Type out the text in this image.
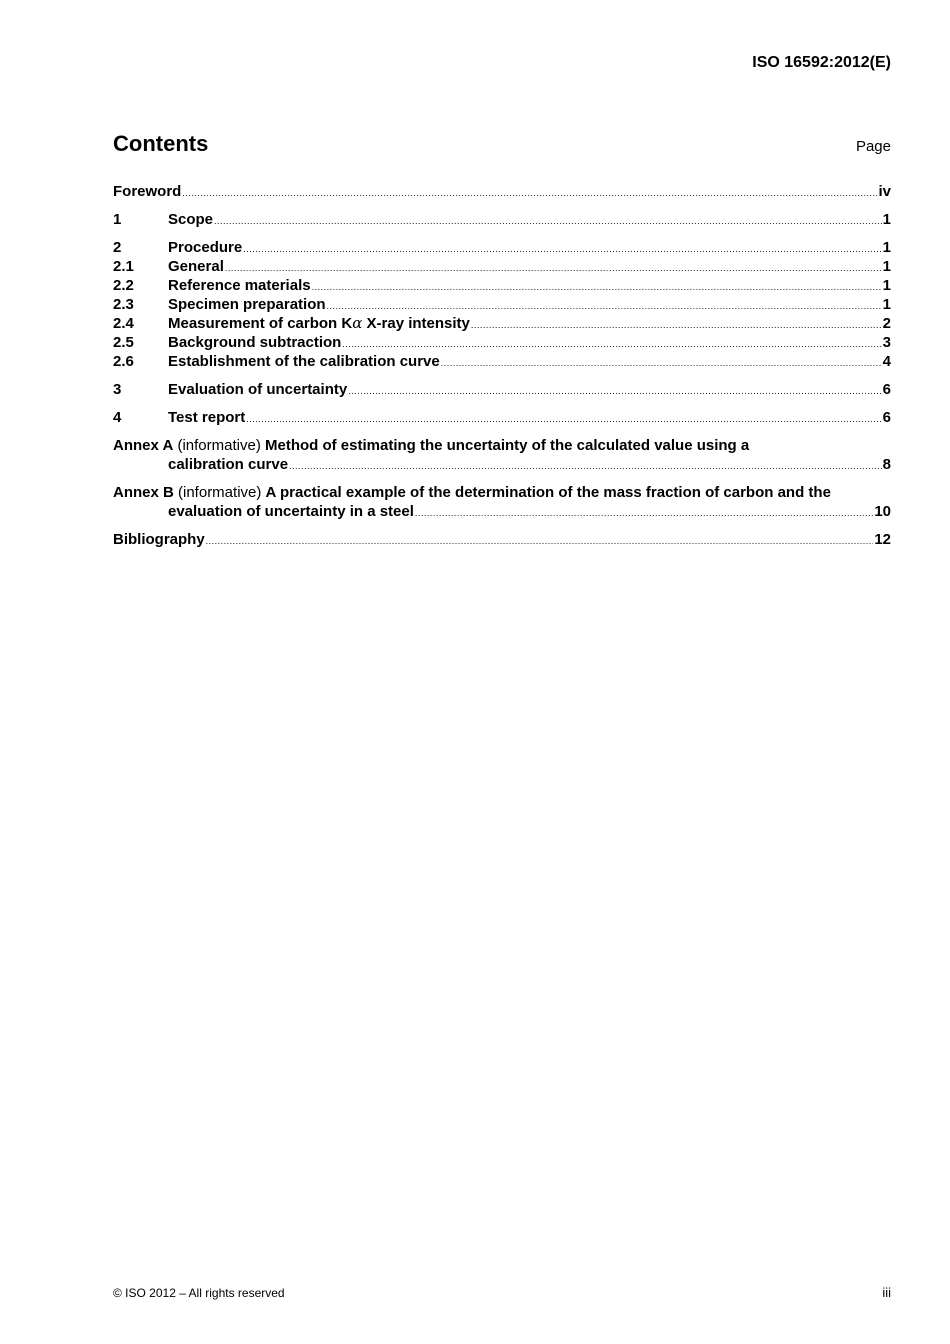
ISO 16592:2012(E)
Contents	Page
Foreword .....	iv
1	Scope .....	1
2	Procedure .....	1
2.1	General .....	1
2.2	Reference materials .....	1
2.3	Specimen preparation .....	1
2.4	Measurement of carbon Kα X-ray intensity .....	2
2.5	Background subtraction .....	3
2.6	Establishment of the calibration curve .....	4
3	Evaluation of uncertainty .....	6
4	Test report .....	6
Annex A (informative) Method of estimating the uncertainty of the calculated value using a
calibration curve .....	8
Annex B (informative) A practical example of the determination of the mass fraction of carbon and the
evaluation of uncertainty in a steel .....	10
Bibliography .....	12
© ISO 2012 – All rights reserved	iii
